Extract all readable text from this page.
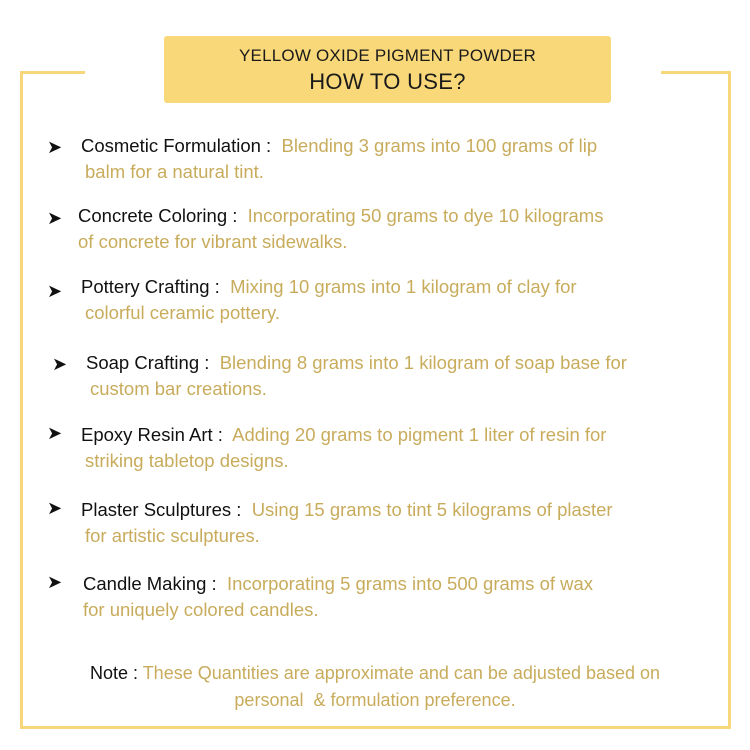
YELLOW OXIDE PIGMENT POWDER
HOW TO USE?
➤ Cosmetic Formulation : Blending 3 grams into 100 grams of lip
balm for a natural tint.
➤ Concrete Coloring : Incorporating 50 grams to dye 10 kilograms
of concrete for vibrant sidewalks.
➤ Pottery Crafting : Mixing 10 grams into 1 kilogram of clay for
colorful ceramic pottery.
➤ Soap Crafting : Blending 8 grams into 1 kilogram of soap base for
custom bar creations.
➤ Epoxy Resin Art : Adding 20 grams to pigment 1 liter of resin for
striking tabletop designs.
➤ Plaster Sculptures : Using 15 grams to tint 5 kilograms of plaster
for artistic sculptures.
➤ Candle Making : Incorporating 5 grams into 500 grams of wax
for uniquely colored candles.
Note : These Quantities are approximate and can be adjusted based on
personal  & formulation preference.
